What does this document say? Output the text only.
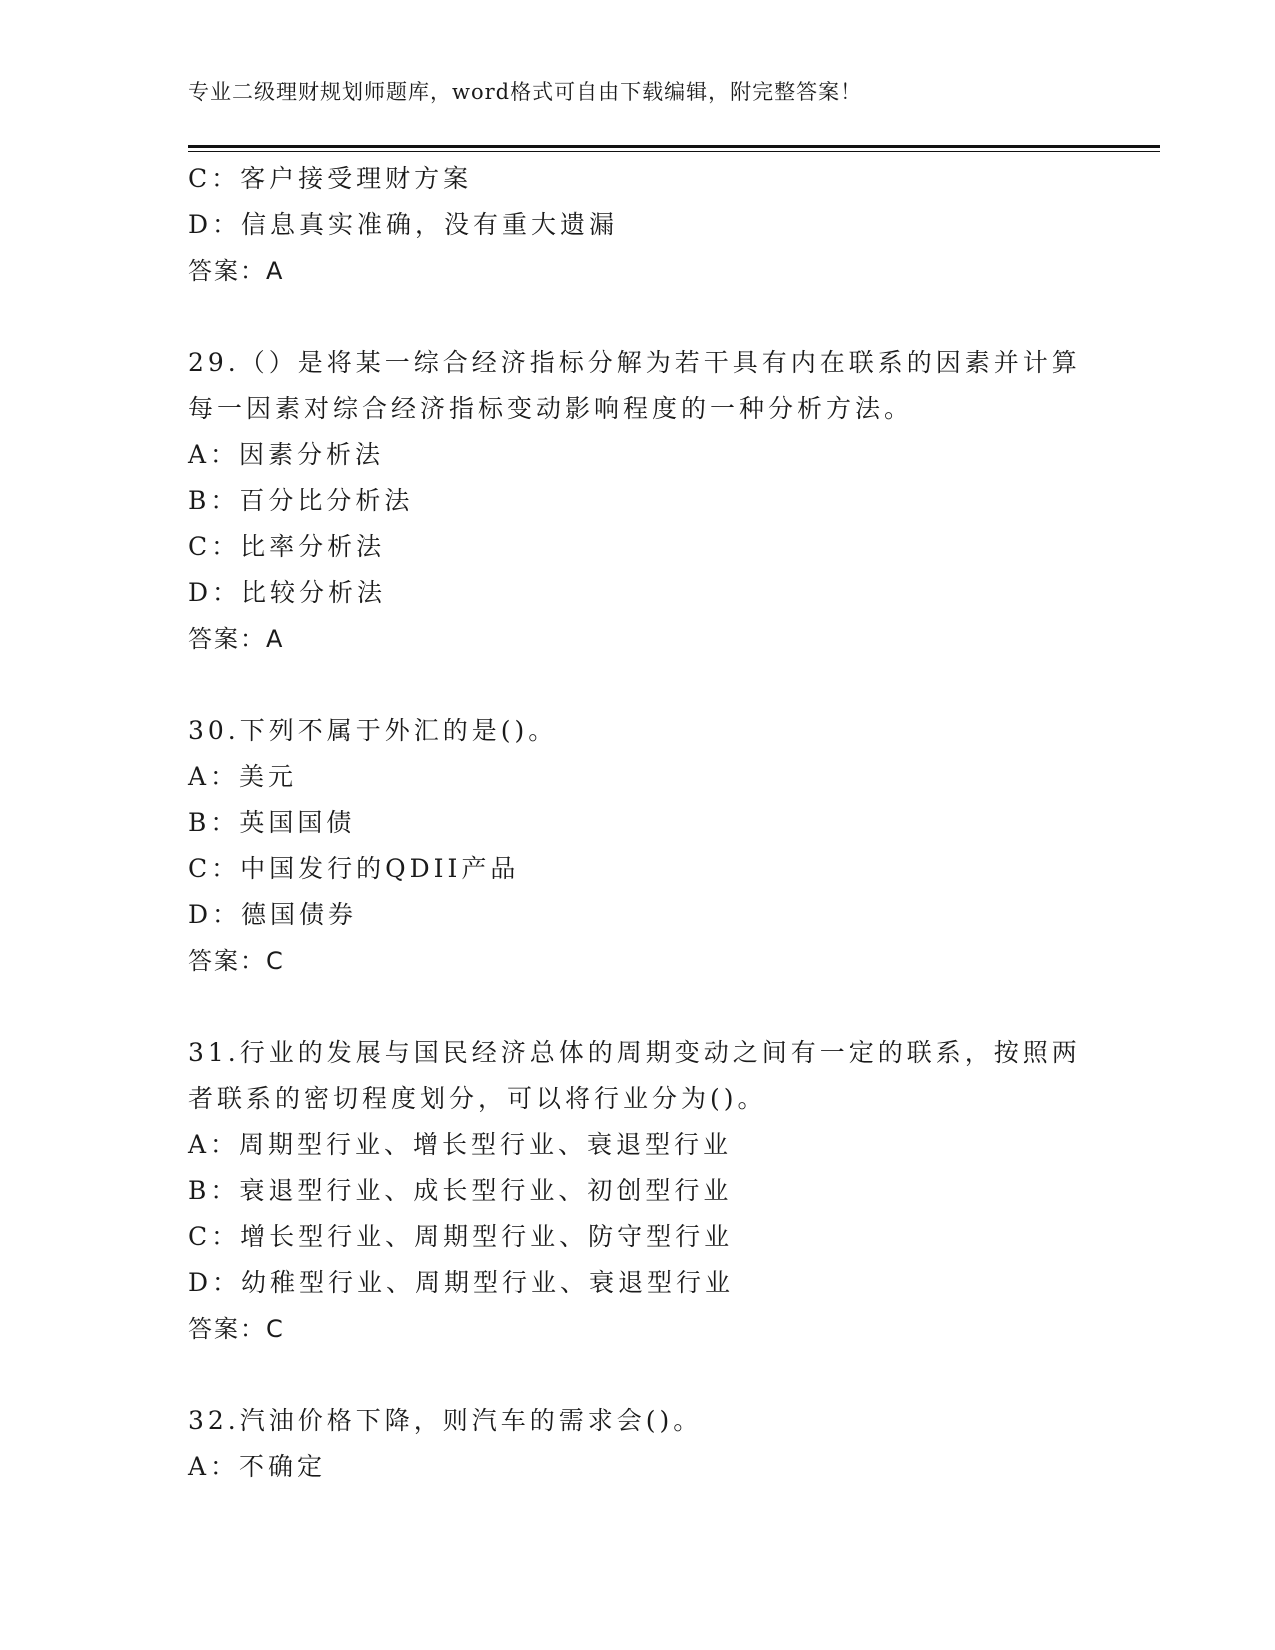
专业二级理财规划师题库，word格式可自由下载编辑，附完整答案！
C：客户接受理财方案
D：信息真实准确，没有重大遗漏
答案：A
29.（）是将某一综合经济指标分解为若干具有内在联系的因素并计算
每一因素对综合经济指标变动影响程度的一种分析方法。
A：因素分析法
B：百分比分析法
C：比率分析法
D：比较分析法
答案：A
30.下列不属于外汇的是()。
A：美元
B：英国国债
C：中国发行的QDII产品
D：德国债券
答案：C
31.行业的发展与国民经济总体的周期变动之间有一定的联系，按照两
者联系的密切程度划分，可以将行业分为()。
A：周期型行业、增长型行业、衰退型行业
B：衰退型行业、成长型行业、初创型行业
C：增长型行业、周期型行业、防守型行业
D：幼稚型行业、周期型行业、衰退型行业
答案：C
32.汽油价格下降，则汽车的需求会()。
A：不确定
